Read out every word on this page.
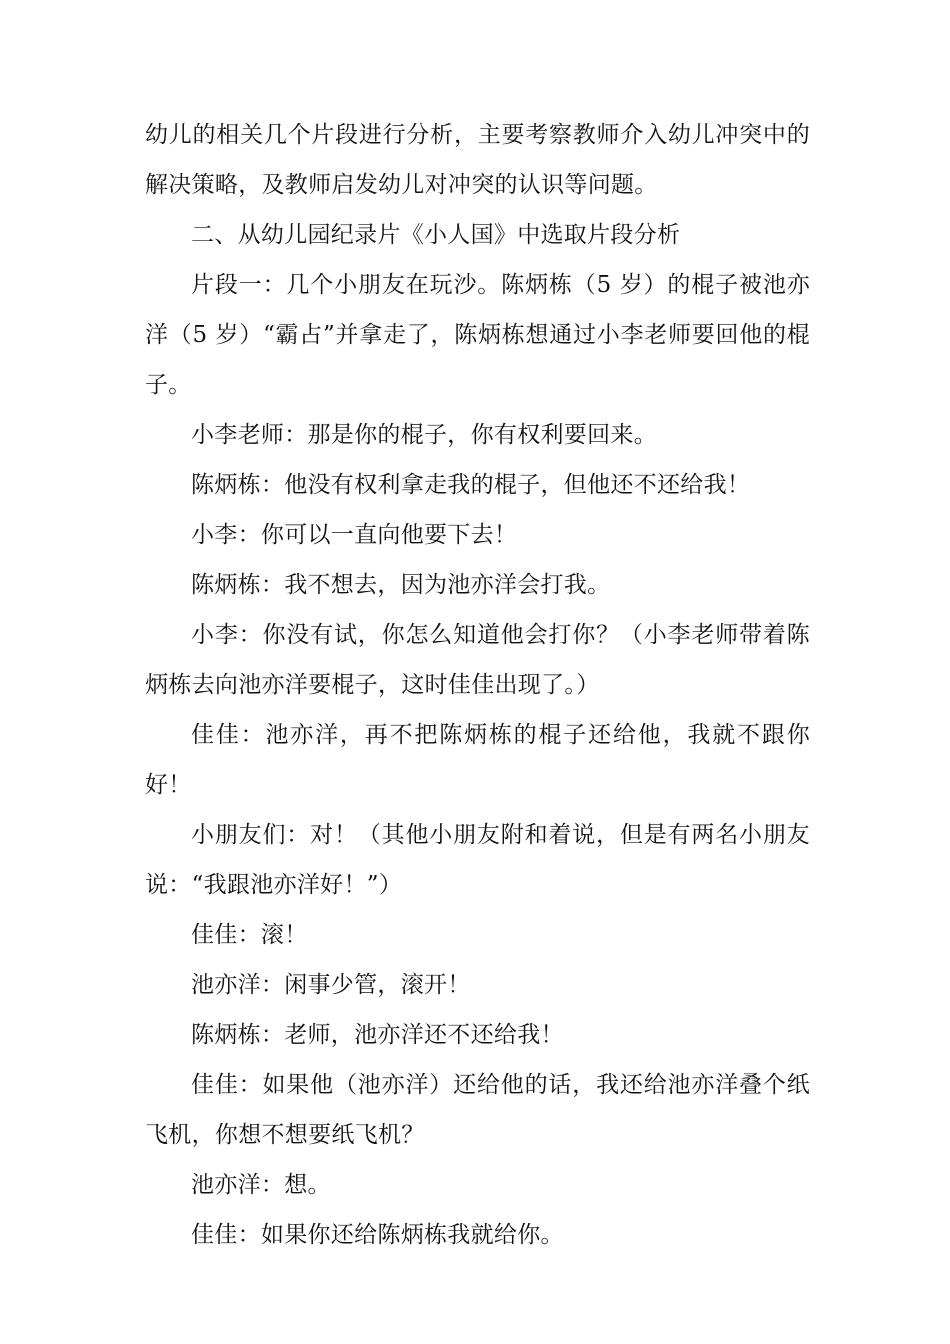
幼儿的相关几个片段进行分析，主要考察教师介入幼儿冲突中的解决策略，及教师启发幼儿对冲突的认识等问题。

二、从幼儿园纪录片《小人国》中选取片段分析

片段一：几个小朋友在玩沙。陈炳栋（5 岁）的棍子被池亦洋（5 岁）“霸占”并拿走了，陈炳栋想通过小李老师要回他的棍子。

小李老师：那是你的棍子，你有权利要回来。

陈炳栋：他没有权利拿走我的棍子，但他还不还给我！

小李：你可以一直向他要下去！

陈炳栋：我不想去，因为池亦洋会打我。

小李：你没有试，你怎么知道他会打你？（小李老师带着陈炳栋去向池亦洋要棍子，这时佳佳出现了。）

佳佳：池亦洋，再不把陈炳栋的棍子还给他，我就不跟你好！

小朋友们：对！（其他小朋友附和着说，但是有两名小朋友说：“我跟池亦洋好！”）

佳佳：滚！

池亦洋：闲事少管，滚开！

陈炳栋：老师，池亦洋还不还给我！

佳佳：如果他（池亦洋）还给他的话，我还给池亦洋叠个纸飞机，你想不想要纸飞机？

池亦洋：想。

佳佳：如果你还给陈炳栋我就给你。
